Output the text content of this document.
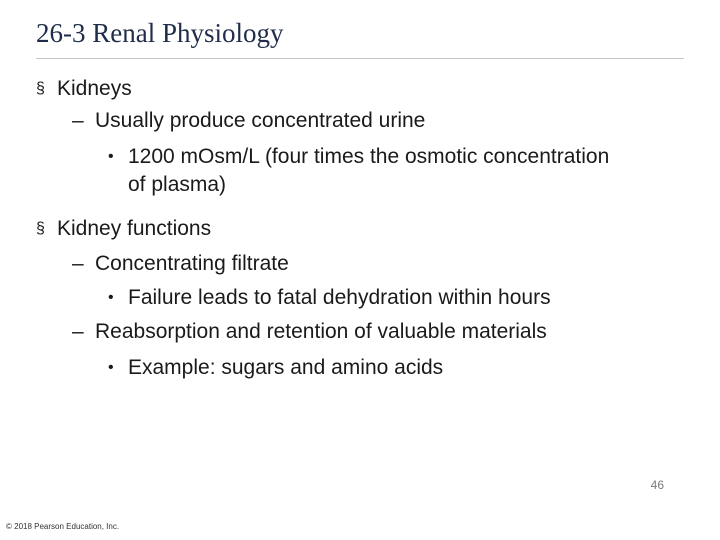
26-3 Renal Physiology
§ Kidneys
– Usually produce concentrated urine
• 1200 mOsm/L (four times the osmotic concentration
of plasma)
§ Kidney functions
– Concentrating filtrate
• Failure leads to fatal dehydration within hours
– Reabsorption and retention of valuable materials
• Example: sugars and amino acids
46
© 2018 Pearson Education, Inc.
